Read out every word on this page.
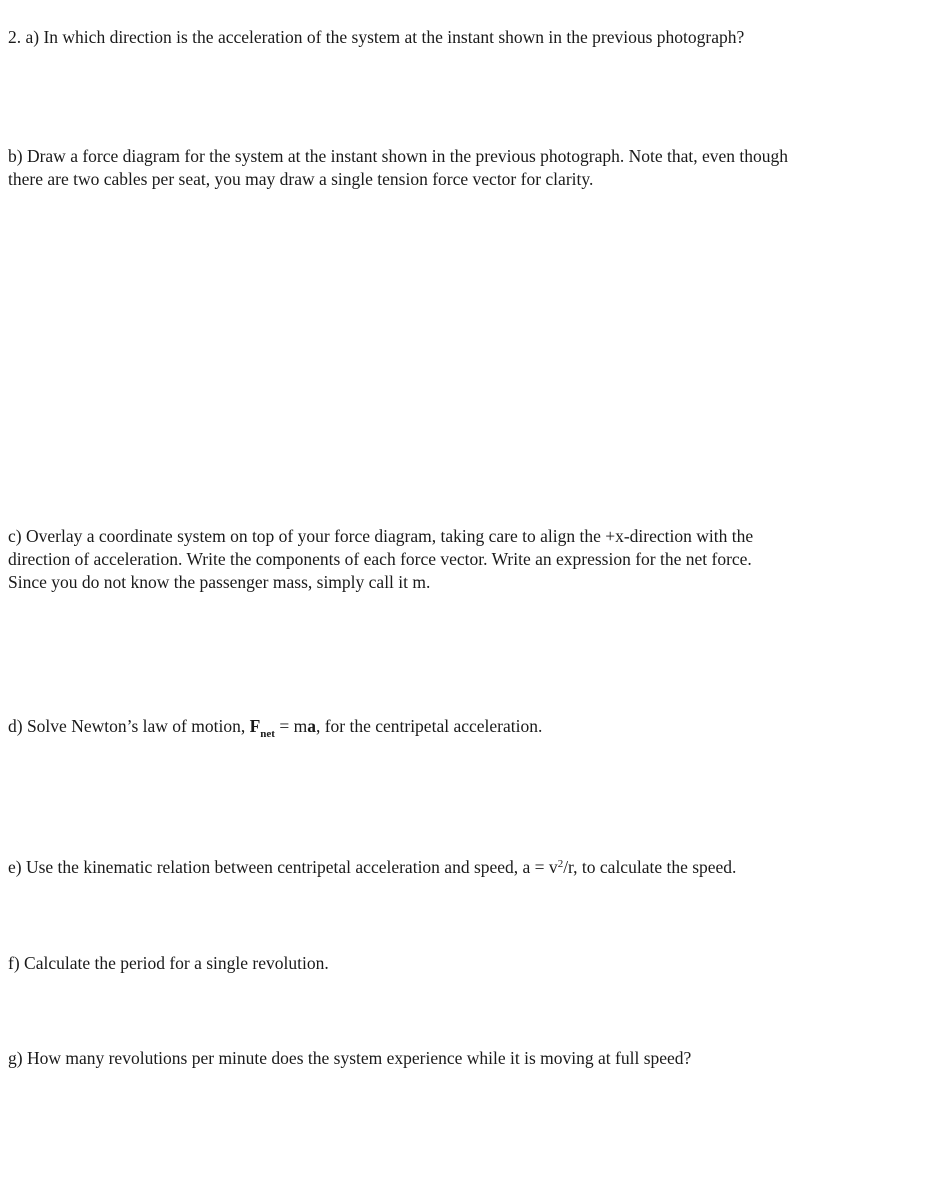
2. a) In which direction is the acceleration of the system at the instant shown in the previous photograph?

b) Draw a force diagram for the system at the instant shown in the previous photograph. Note that, even though
there are two cables per seat, you may draw a single tension force vector for clarity.
c) Overlay a coordinate system on top of your force diagram, taking care to align the +x-direction with the
direction of acceleration. Write the components of each force vector. Write an expression for the net force.
Since you do not know the passenger mass, simply call it m.

d) Solve Newton’s law of motion, $F_{net}$ = ma, for the centripetal acceleration.

e) Use the kinematic relation between centripetal acceleration and speed, $a = v^2/r$, to calculate the speed.

f) Calculate the period for a single revolution.

g) How many revolutions per minute does the system experience while it is moving at full speed?
